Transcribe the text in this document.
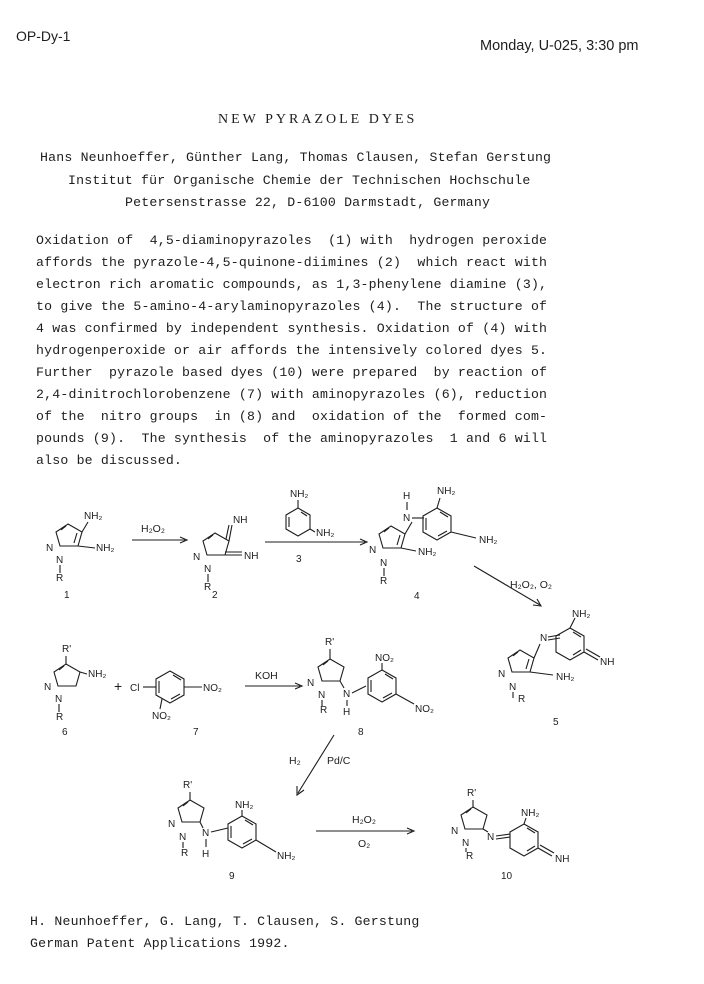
OP-Dy-1
Monday, U-025, 3:30 pm
NEW PYRAZOLE DYES
Hans Neunhoeffer, Günther Lang, Thomas Clausen, Stefan Gerstung
Institut für Organische Chemie der Technischen Hochschule
Petersenstrasse 22, D-6100 Darmstadt, Germany
Oxidation of  4,5-diaminopyrazoles  (1) with  hydrogen peroxide
affords the pyrazole-4,5-quinone-diimines (2)  which react with
electron rich aromatic compounds, as 1,3-phenylene diamine (3),
to give the 5-amino-4-arylaminopyrazoles (4).  The structure of
4 was confirmed by independent synthesis. Oxidation of (4) with
hydrogenperoxide or air affords the intensively colored dyes 5.
Further  pyrazole based dyes (10) were prepared  by reaction of
2,4-dinitrochlorobenzene (7) with aminopyrazoles (6), reduction
of the  nitro groups  in (8) and  oxidation of the  formed com-
pounds (9).  The synthesis  of the aminopyrazoles  1 and 6 will
also be discussed.
NH₂
NH₂
N
N
R
1
H₂O₂
NH
NH
N
N
R
2
NH₂
NH₂
3
H
N
NH₂
NH₂
NH₂
N
N
R
4
H₂O₂, O₂
N
NH₂
NH
NH₂
N
N
R
5
R'
NH₂
N
N
R
6
+ Cl	NO₂
NO₂
7
KOH
R'
N
H
NO₂
NO₂
N
N
R
8
H₂	Pd/C
R'
N
H
NH₂
NH₂
N
N
R
9
H₂O₂
O₂
R'
N
NH₂
NH
N
N
R
10
H. Neunhoeffer, G. Lang, T. Clausen, S. Gerstung
German Patent Applications 1992.
